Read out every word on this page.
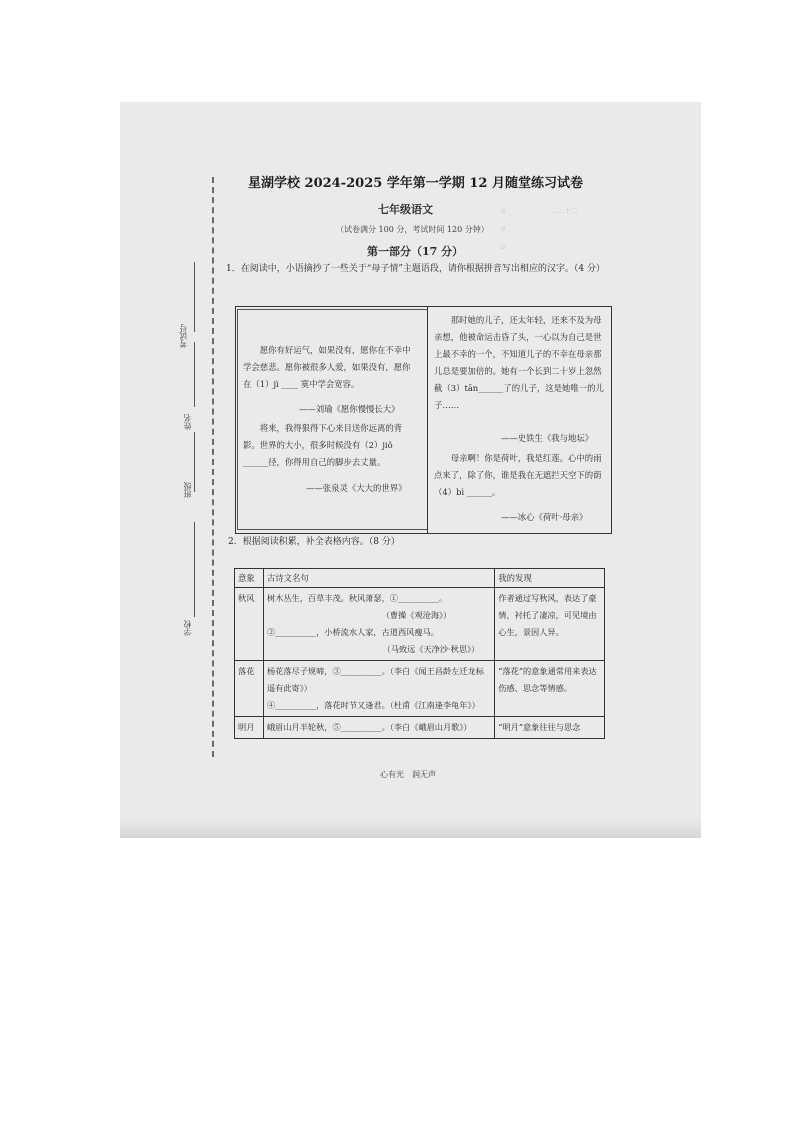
考试号
姓名
班级
学校
⊙　　　　　　 ……十二
⊙　　　　　　　　　
⊙　　　　　　　　　
星湖学校 2024-2025 学年第一学期 12 月随堂练习试卷
七年级语文
（试卷满分 100 分，考试时间 120 分钟）
第一部分（17 分）
1．在阅读中，小语摘抄了一些关于“母子情”主题语段，请你根据拼音写出相应的汉字。（4 分）
愿你有好运气，如果没有，愿你在不幸中学会慈悲。愿你被很多人爱，如果没有，愿你在（1）jì ____ 寞中学会宽容。
——刘瑜《愿你慢慢长大》
将来，我得狠得下心来目送你远离的背影。世界的大小，很多时候没有（2）jiǒ ______径，你得用自己的脚步去丈量。
——张泉灵《大大的世界》
那时她的儿子，还太年轻，还来不及为母亲想，他被命运击昏了头，一心以为自己是世上最不幸的一个，不知道儿子的不幸在母亲那儿总是要加倍的。她有一个长到二十岁上忽然截（3）tān______了的儿子，这是她唯一的儿子……
——史铁生《我与地坛》
母亲啊！你是荷叶，我是红莲。心中的雨点来了，除了你，谁是我在无遮拦天空下的荫（4）bì ______。
——冰心《荷叶·母亲》
2．根据阅读积累，补全表格内容。（8 分）
意象	古诗文名句	我的发现
秋风	树木丛生，百草丰茂。秋风萧瑟，①__________。
（曹操《观沧海》）
②__________，小桥流水人家，古道西风瘦马。
（马致远《天净沙·秋思》）	作者通过写秋风，表达了豪情，衬托了凄凉，可见境由心生，景因人异。
落花	杨花落尽子规啼，③__________。（李白《闻王昌龄左迁龙标遥有此寄》）
④__________，落花时节又逢君。（杜甫《江南逢李龟年》）	“落花”的意象通常用来表达伤感、思念等情感。
明月	峨眉山月半轮秋，⑤__________。（李白《峨眉山月歌》）	“明月”意象往往与思念
心有光　润无声
